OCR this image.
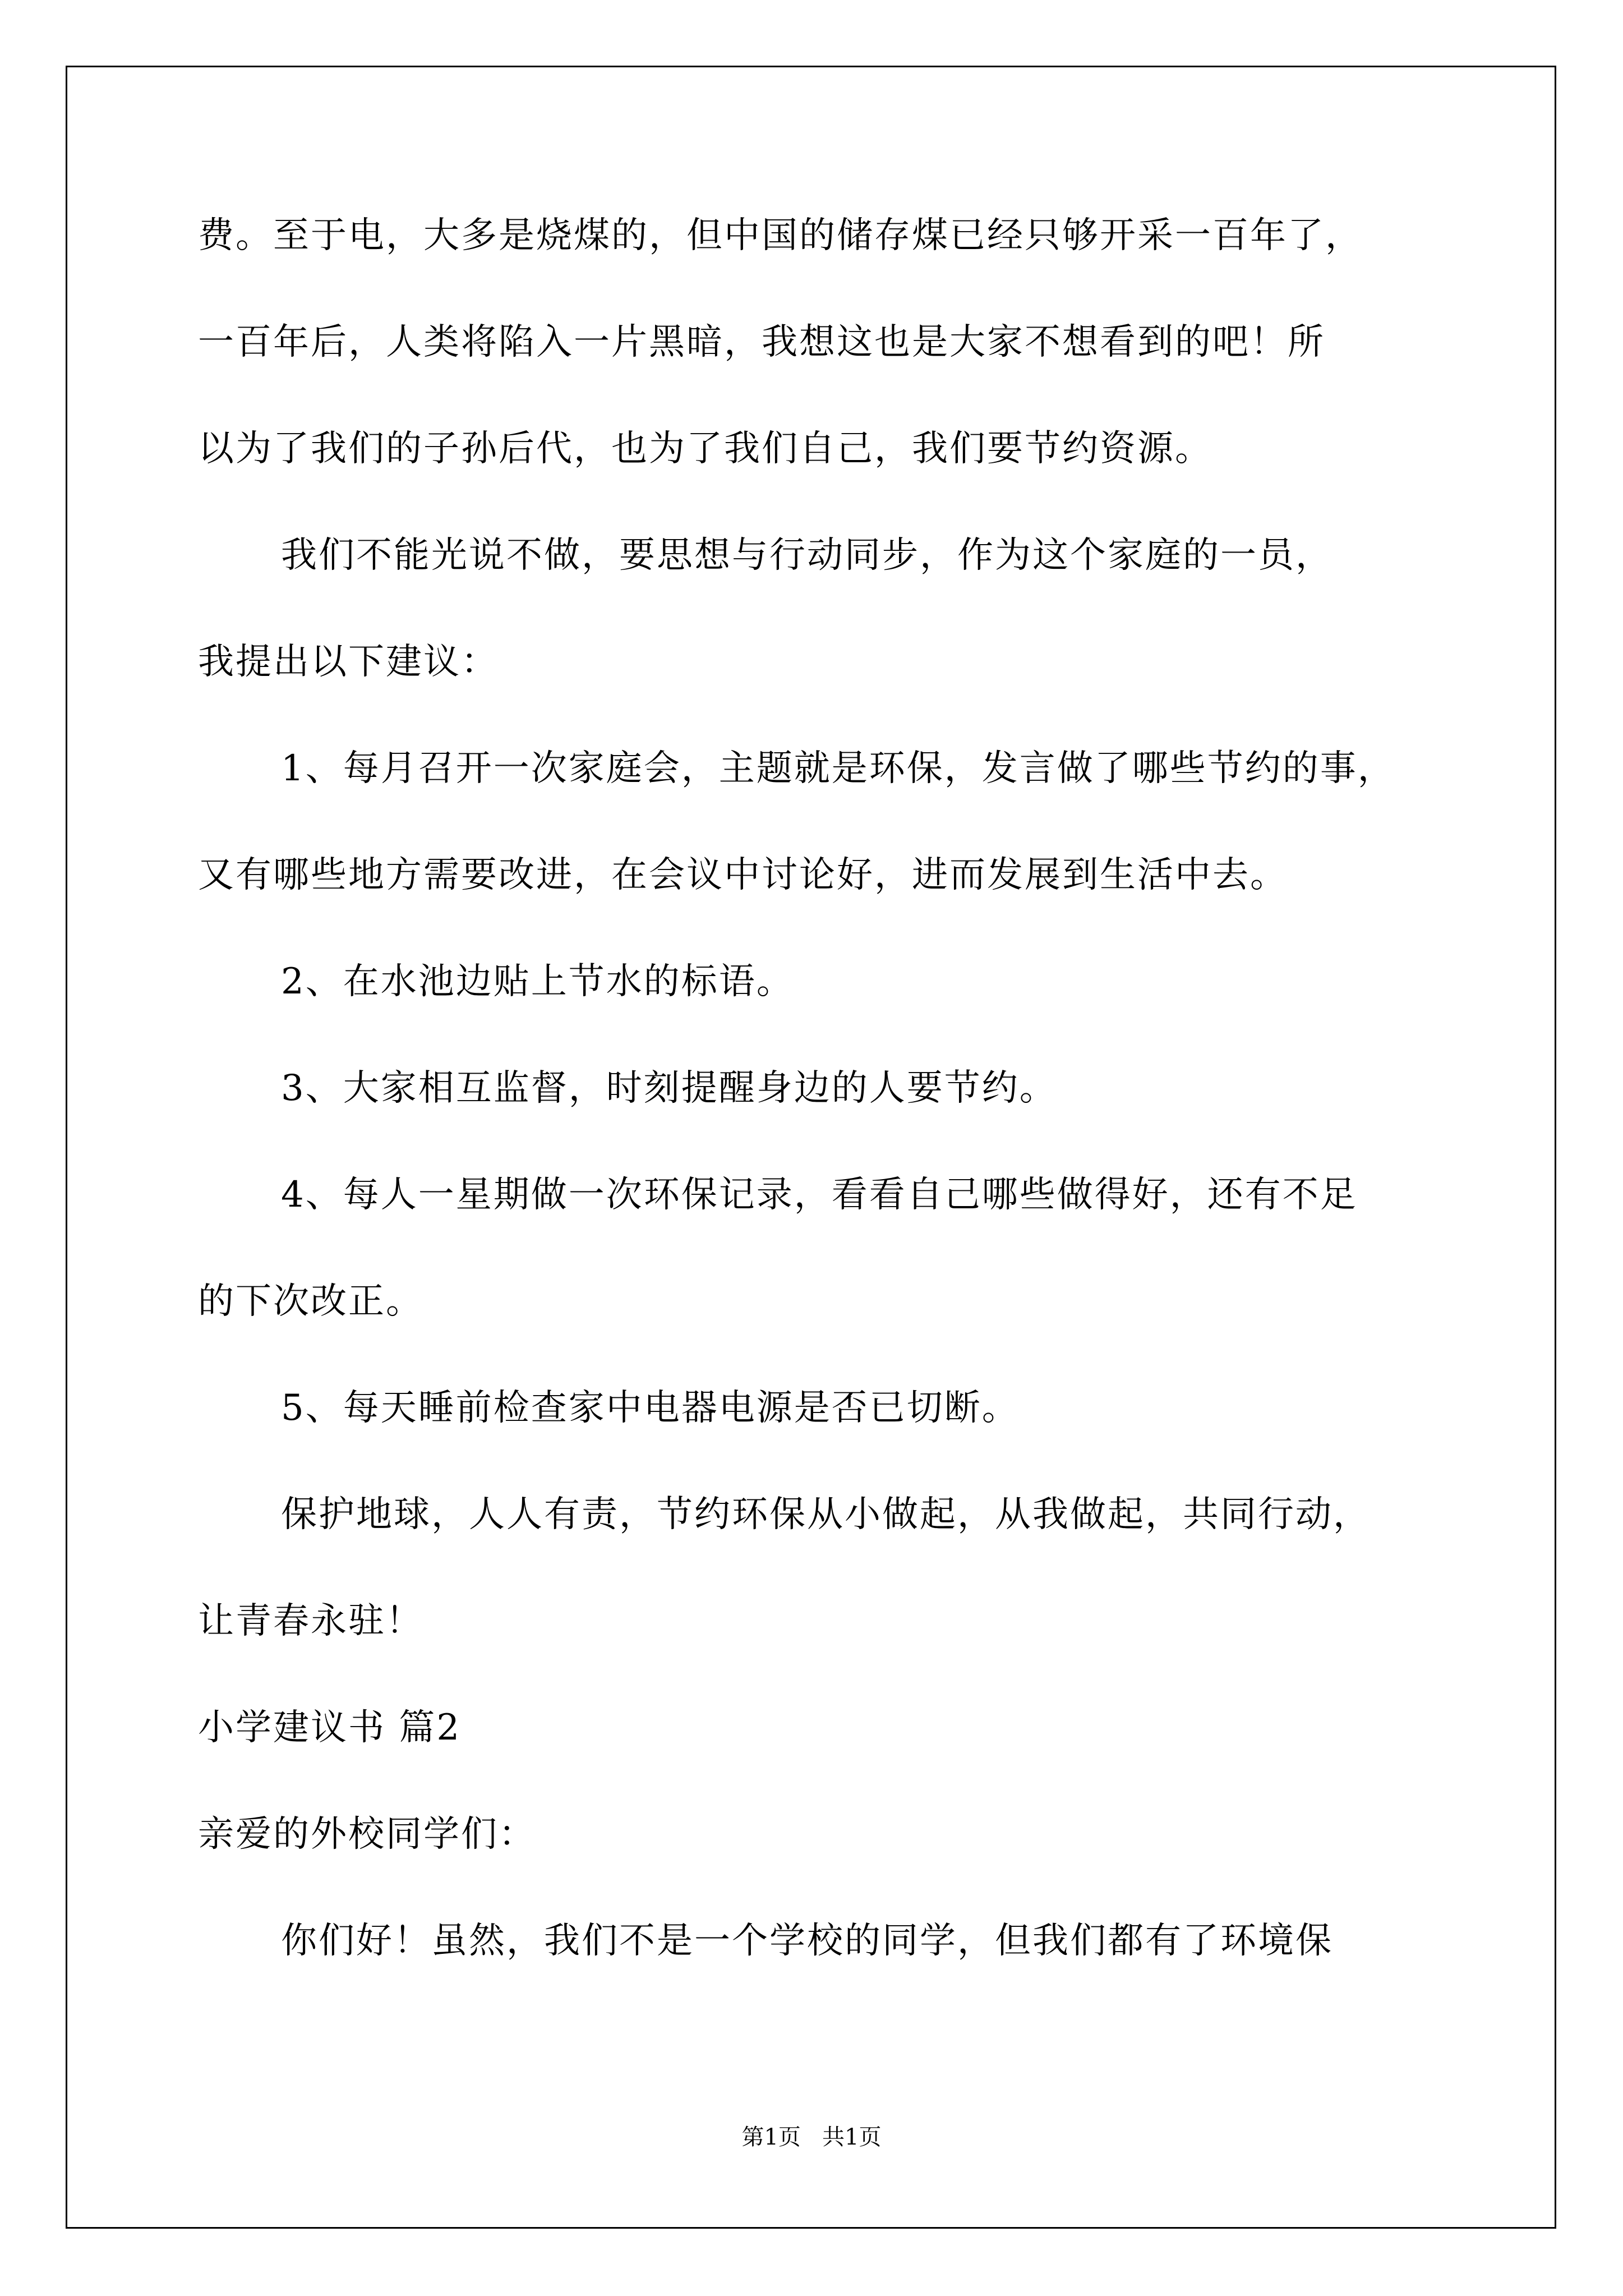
费。至于电，大多是烧煤的，但中国的储存煤已经只够开采一百年了，
一百年后，人类将陷入一片黑暗，我想这也是大家不想看到的吧！所
以为了我们的子孙后代，也为了我们自己，我们要节约资源。
我们不能光说不做，要思想与行动同步，作为这个家庭的一员，
我提出以下建议：
1、每月召开一次家庭会，主题就是环保，发言做了哪些节约的事，
又有哪些地方需要改进，在会议中讨论好，进而发展到生活中去。
2、在水池边贴上节水的标语。
3、大家相互监督，时刻提醒身边的人要节约。
4、每人一星期做一次环保记录，看看自己哪些做得好，还有不足
的下次改正。
5、每天睡前检查家中电器电源是否已切断。
保护地球，人人有责，节约环保从小做起，从我做起，共同行动，
让青春永驻！
小学建议书 篇2
亲爱的外校同学们：
你们好！虽然，我们不是一个学校的同学，但我们都有了环境保
第1页   共1页
